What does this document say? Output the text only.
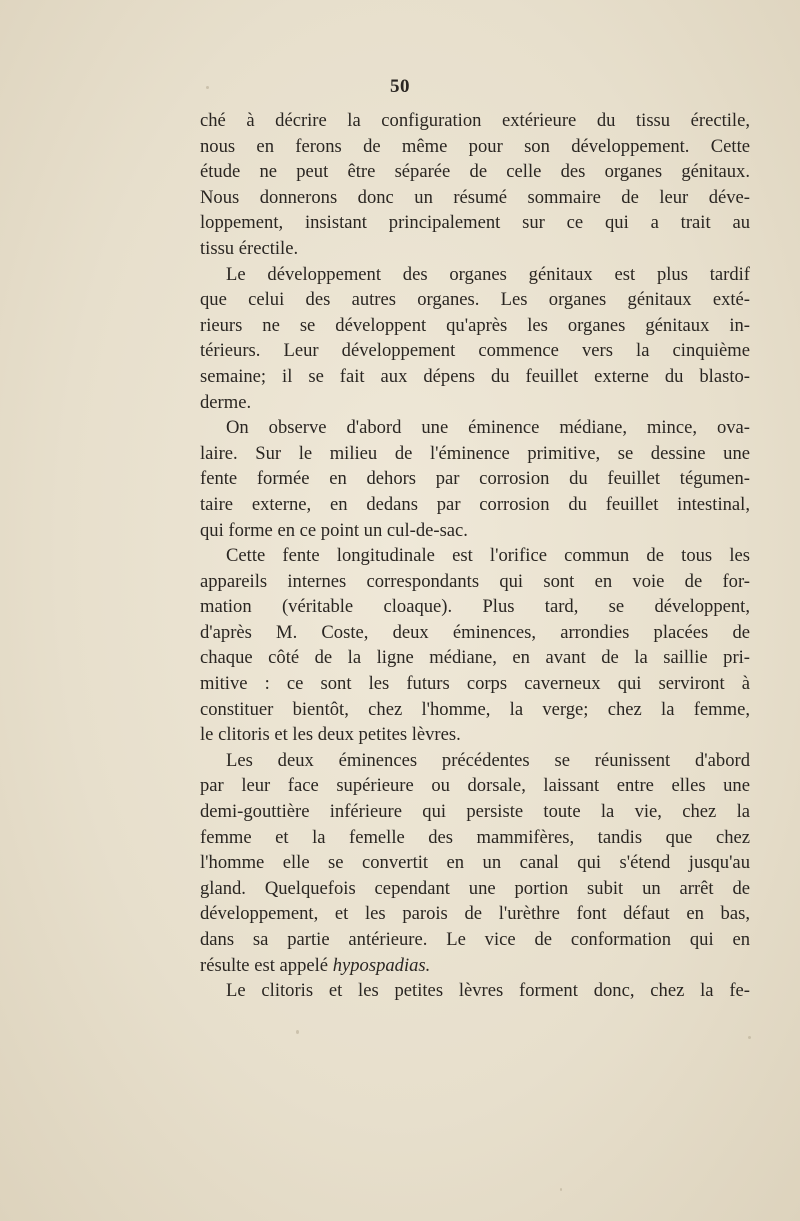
50
ché à décrire la configuration extérieure du tissu érectile,
nous en ferons de même pour son développement. Cette
étude ne peut être séparée de celle des organes génitaux.
Nous donnerons donc un résumé sommaire de leur déve-
loppement, insistant principalement sur ce qui a trait au
tissu érectile.
Le développement des organes génitaux est plus tardif
que celui des autres organes. Les organes génitaux exté-
rieurs ne se développent qu'après les organes génitaux in-
térieurs. Leur développement commence vers la cinquième
semaine; il se fait aux dépens du feuillet externe du blasto-
derme.
On observe d'abord une éminence médiane, mince, ova-
laire. Sur le milieu de l'éminence primitive, se dessine une
fente formée en dehors par corrosion du feuillet tégumen-
taire externe, en dedans par corrosion du feuillet intestinal,
qui forme en ce point un cul-de-sac.
Cette fente longitudinale est l'orifice commun de tous les
appareils internes correspondants qui sont en voie de for-
mation (véritable cloaque). Plus tard, se développent,
d'après M. Coste, deux éminences, arrondies placées de
chaque côté de la ligne médiane, en avant de la saillie pri-
mitive : ce sont les futurs corps caverneux qui serviront à
constituer bientôt, chez l'homme, la verge; chez la femme,
le clitoris et les deux petites lèvres.
Les deux éminences précédentes se réunissent d'abord
par leur face supérieure ou dorsale, laissant entre elles une
demi-gouttière inférieure qui persiste toute la vie, chez la
femme et la femelle des mammifères, tandis que chez
l'homme elle se convertit en un canal qui s'étend jusqu'au
gland. Quelquefois cependant une portion subit un arrêt de
développement, et les parois de l'urèthre font défaut en bas,
dans sa partie antérieure. Le vice de conformation qui en
résulte est appelé hypospadias.
Le clitoris et les petites lèvres forment donc, chez la fe-
